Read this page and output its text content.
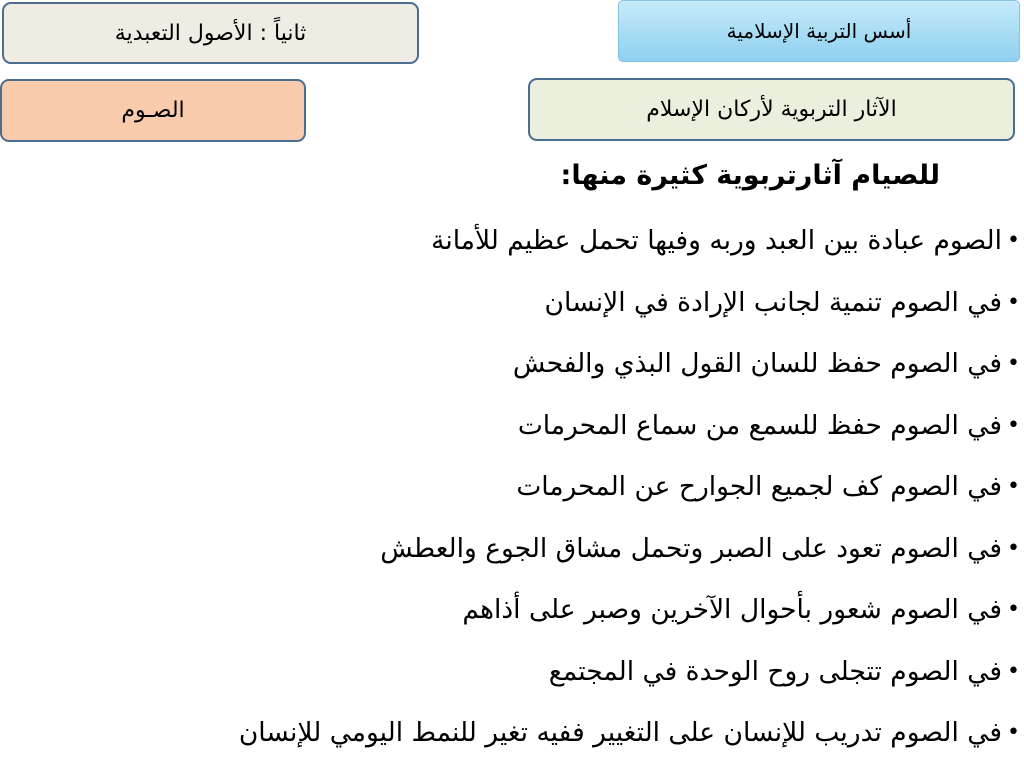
أسس التربية الإسلامية
ثانياً : الأصول التعبدية
الآثار التربوية لأركان الإسلام
الصـوم
للصيام آثارتربوية كثيرة منها:
•
الصوم عبادة بين العبد وربه وفيها تحمل عظيم للأمانة
•
في الصوم تنمية لجانب الإرادة في الإنسان
•
في الصوم حفظ للسان القول البذي والفحش
•
في الصوم حفظ للسمع من سماع المحرمات
•
في الصوم كف لجميع الجوارح عن المحرمات
•
في الصوم تعود على الصبر وتحمل مشاق الجوع والعطش
•
في الصوم شعور بأحوال الآخرين وصبر على أذاهم
•
في الصوم تتجلى روح الوحدة في المجتمع
•
في الصوم تدريب للإنسان على التغيير ففيه تغير للنمط اليومي للإنسان
